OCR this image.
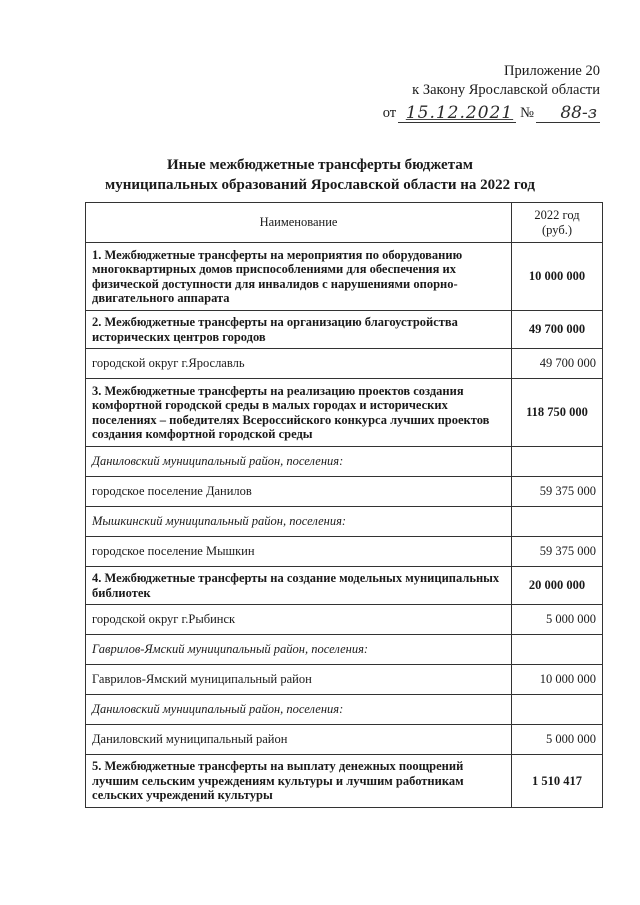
Приложение 20
к Закону Ярославской области
от 15.12.2021 №	88-з
Иные межбюджетные трансферты бюджетам
муниципальных образований Ярославской области на 2022 год
Наименование	2022 год
(руб.)

1. Межбюджетные трансферты на мероприятия по оборудованию многоквартирных домов приспособлениями для обеспечения их физической доступности для инвалидов с нарушениями опорно-двигательного аппарата	10 000 000
2. Межбюджетные трансферты на организацию благоустройства исторических центров городов	49 700 000
городской округ г.Ярославль	49 700 000
3. Межбюджетные трансферты на реализацию проектов создания комфортной городской среды в малых городах и исторических поселениях – победителях Всероссийского конкурса лучших проектов создания комфортной городской среды	118 750 000
Даниловский муниципальный район, поселения:	
городское поселение Данилов	59 375 000
Мышкинский муниципальный район, поселения:	
городское поселение Мышкин	59 375 000
4. Межбюджетные трансферты на создание модельных муниципальных библиотек	20 000 000
городской округ г.Рыбинск	5 000 000
Гаврилов-Ямский муниципальный район, поселения:	
Гаврилов-Ямский муниципальный район	10 000 000
Даниловский муниципальный район, поселения:	
Даниловский муниципальный район	5 000 000
5. Межбюджетные трансферты на выплату денежных поощрений лучшим сельским учреждениям культуры и лучшим работникам сельских учреждений культуры	1 510 417
